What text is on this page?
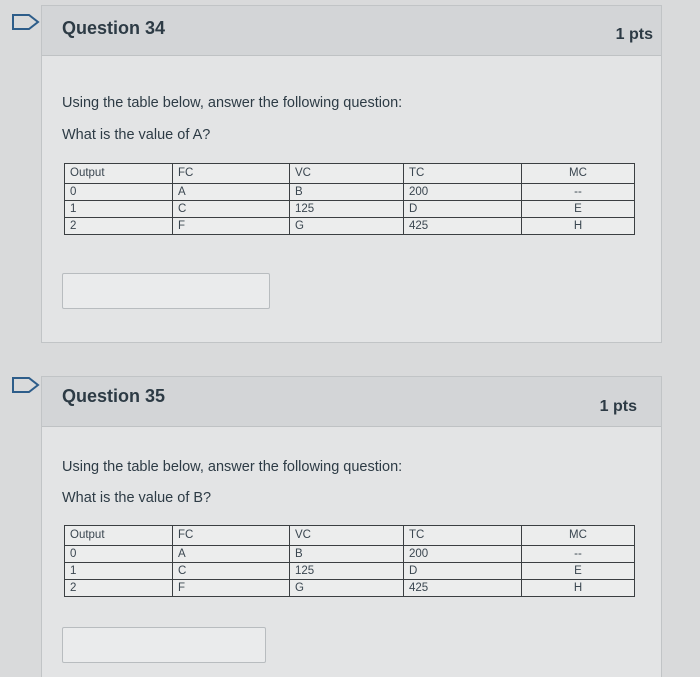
Question 34	1 pts
Using the table below, answer the following question:
What is the value of A?
Output	FC	VC	TC	MC
0	A	B	200	--
1	C	125	D	E
2	F	G	425	H
Question 35
1 pts
Using the table below, answer the following question:
What is the value of B?
Output	FC	VC	TC	MC
0	A	B	200	--
1	C	125	D	E
2	F	G	425	H
